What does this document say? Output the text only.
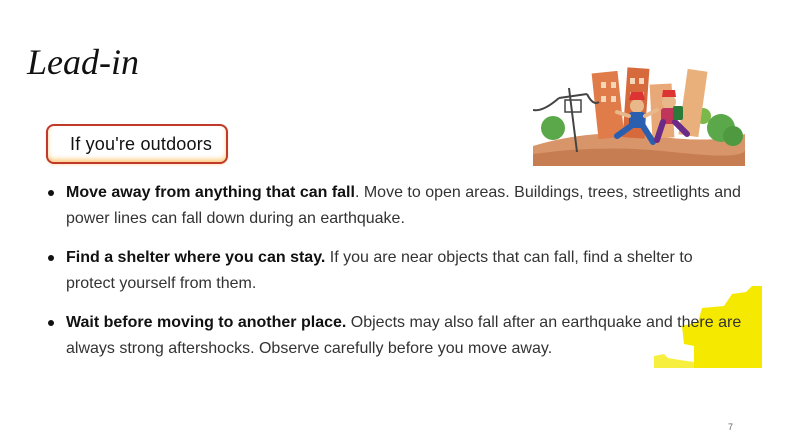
Lead-in
If you're outdoors
Move away from anything that can fall. Move to open areas. Buildings, trees, streetlights and power lines can fall down during an earthquake.
Find a shelter where you can stay. If you are near objects that can fall, find a shelter to protect yourself from them.
Wait before moving to another place. Objects may also fall after an earthquake and there are always strong aftershocks. Observe carefully before you move away.
7
